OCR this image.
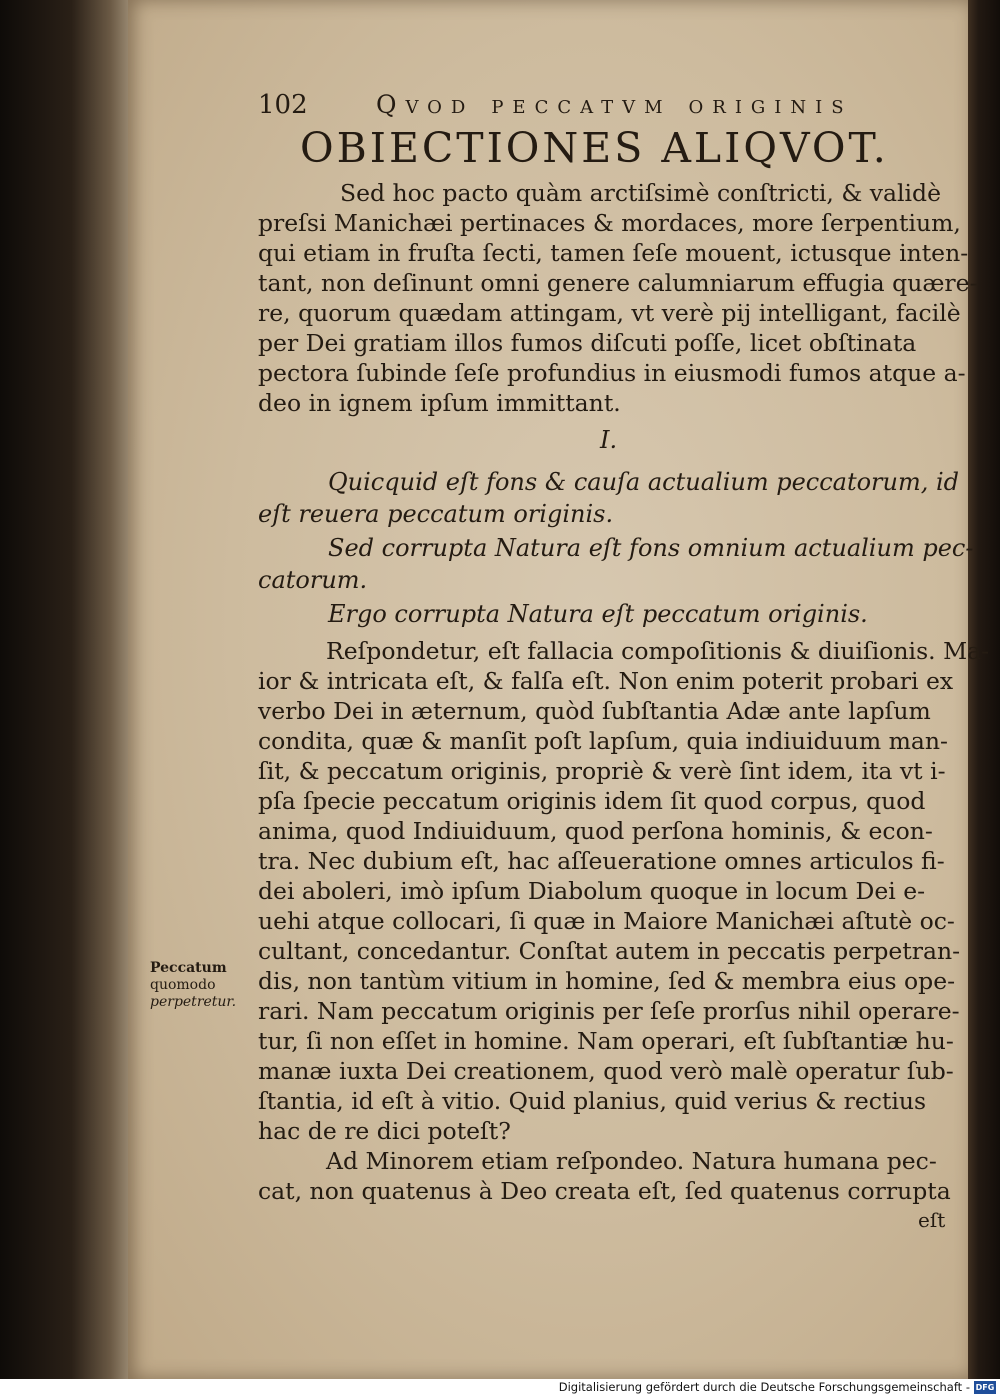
102	Qvod peccatvm originis
OBIECTIONES ALIQVOT.
Sed hoc pacto quàm arctiſsimè conſtricti, & validè
preſsi Manichæi pertinaces & mordaces, more ſerpentium,
qui etiam in fruſta ſecti, tamen ſeſe mouent, ictusque inten-
tant, non deſinunt omni genere calumniarum effugia quære-
re, quorum quædam attingam, vt verè pij intelligant, facilè
per Dei gratiam illos fumos diſcuti poſſe, licet obſtinata
pectora ſubinde ſeſe profundius in eiusmodi fumos atque a-
deo in ignem ipſum immittant.
I.
Quicquid eſt fons & cauſa actualium peccatorum, id
eſt reuera peccatum originis.
Sed corrupta Natura eſt fons omnium actualium pec-
catorum.
Ergo corrupta Natura eſt peccatum originis.
Reſpondetur, eſt fallacia compoſitionis & diuiſionis. Ma-
ior & intricata eſt, & falſa eſt. Non enim poterit probari ex
verbo Dei in æternum, quòd ſubſtantia Adæ ante lapſum
condita, quæ & manſit poſt lapſum, quia indiuiduum man-
ſit, & peccatum originis, propriè & verè ſint idem, ita vt i-
pſa ſpecie peccatum originis idem ſit quod corpus, quod
anima, quod Indiuiduum, quod perſona hominis, & econ-
tra. Nec dubium eſt, hac aſſeueratione omnes articulos fi-
dei aboleri, imò ipſum Diabolum quoque in locum Dei e-
uehi atque collocari, ſi quæ in Maiore Manichæi aſtutè oc-
cultant, concedantur. Conſtat autem in peccatis perpetran-
dis, non tantùm vitium in homine, ſed & membra eius ope-
rari. Nam peccatum originis per ſeſe prorſus nihil operare-
tur, ſi non eſſet in homine. Nam operari, eſt ſubſtantiæ hu-
manæ iuxta Dei creationem, quod verò malè operatur ſub-
ſtantia, id eſt à vitio. Quid planius, quid verius & rectius
hac de re dici poteſt?
Ad Minorem etiam reſpondeo. Natura humana pec-
cat, non quatenus à Deo creata eſt, ſed quatenus corrupta
eſt
Peccatum
quomodo
perpetretur.
Digitalisierung gefördert durch die Deutsche Forschungsgemeinschaft - DFG
